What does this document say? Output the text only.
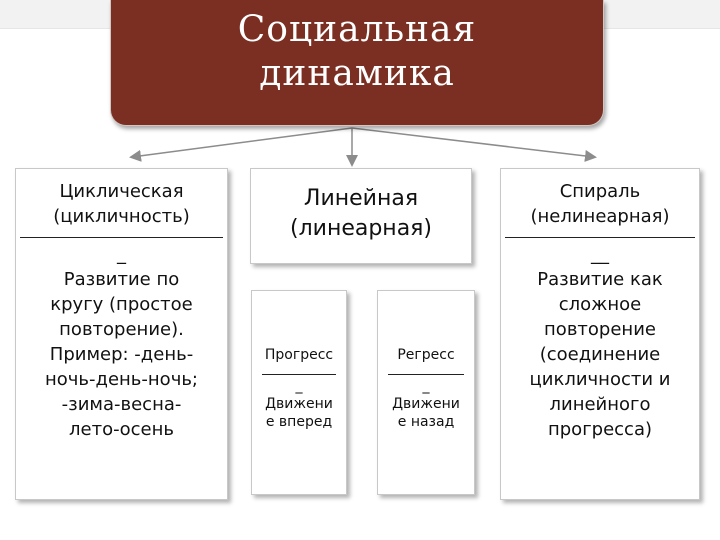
Социальная
динамика
Циклическая
(цикличность)
_
Развитие по
кругу (простое
повторение).
Пример: -день-
ночь-день-ночь;
-зима-весна-
лето-осень
Линейная
(линеарная)
Прогресс
_
Движени
е вперед
Регресс
_
Движени
е назад
Спираль
(нелинеарная)
__
Развитие как
сложное
повторение
(соединение
цикличности и
линейного
прогресса)
